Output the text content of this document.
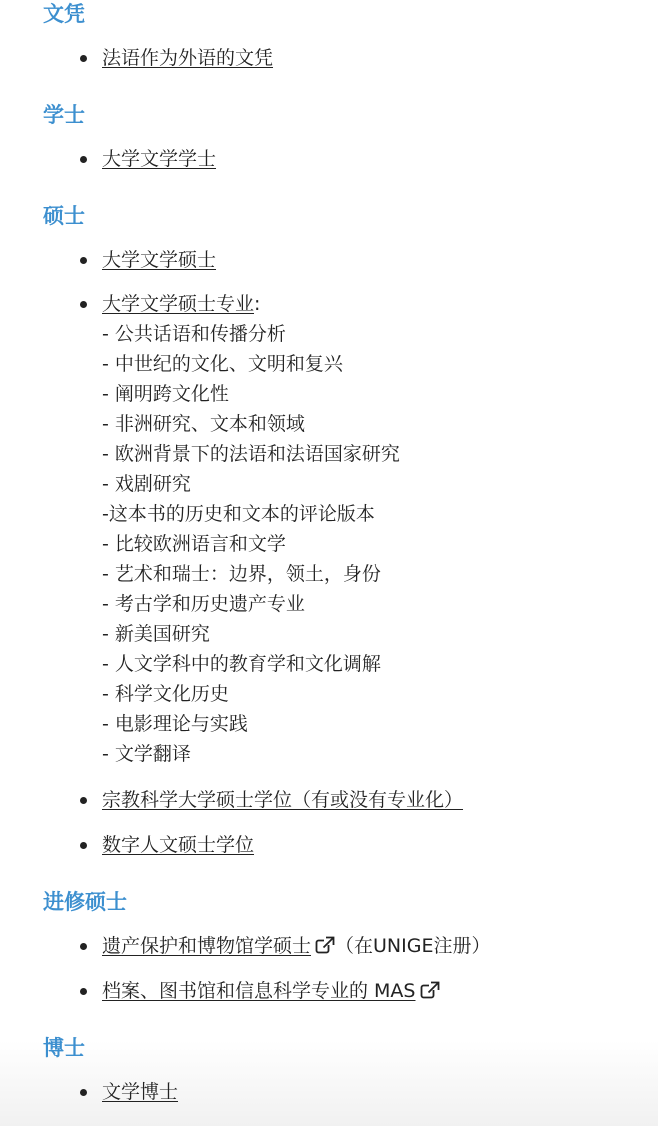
文凭
法语作为外语的文凭
学士
大学文学学士
硕士
大学文学硕士
大学文学硕士专业:
- 公共话语和传播分析
- 中世纪的文化、文明和复兴
- 阐明跨文化性
- 非洲研究、文本和领域
- 欧洲背景下的法语和法语国家研究
- 戏剧研究
-这本书的历史和文本的评论版本
- 比较欧洲语言和文学
- 艺术和瑞士：边界，领土，身份
- 考古学和历史遗产专业
- 新美国研究
- 人文学科中的教育学和文化调解
- 科学文化历史
- 电影理论与实践
- 文学翻译
宗教科学大学硕士学位（有或没有专业化）
数字人文硕士学位
进修硕士
遗产保护和博物馆学硕士 （在UNIGE注册）
档案、图书馆和信息科学专业的 MAS
博士
文学博士
